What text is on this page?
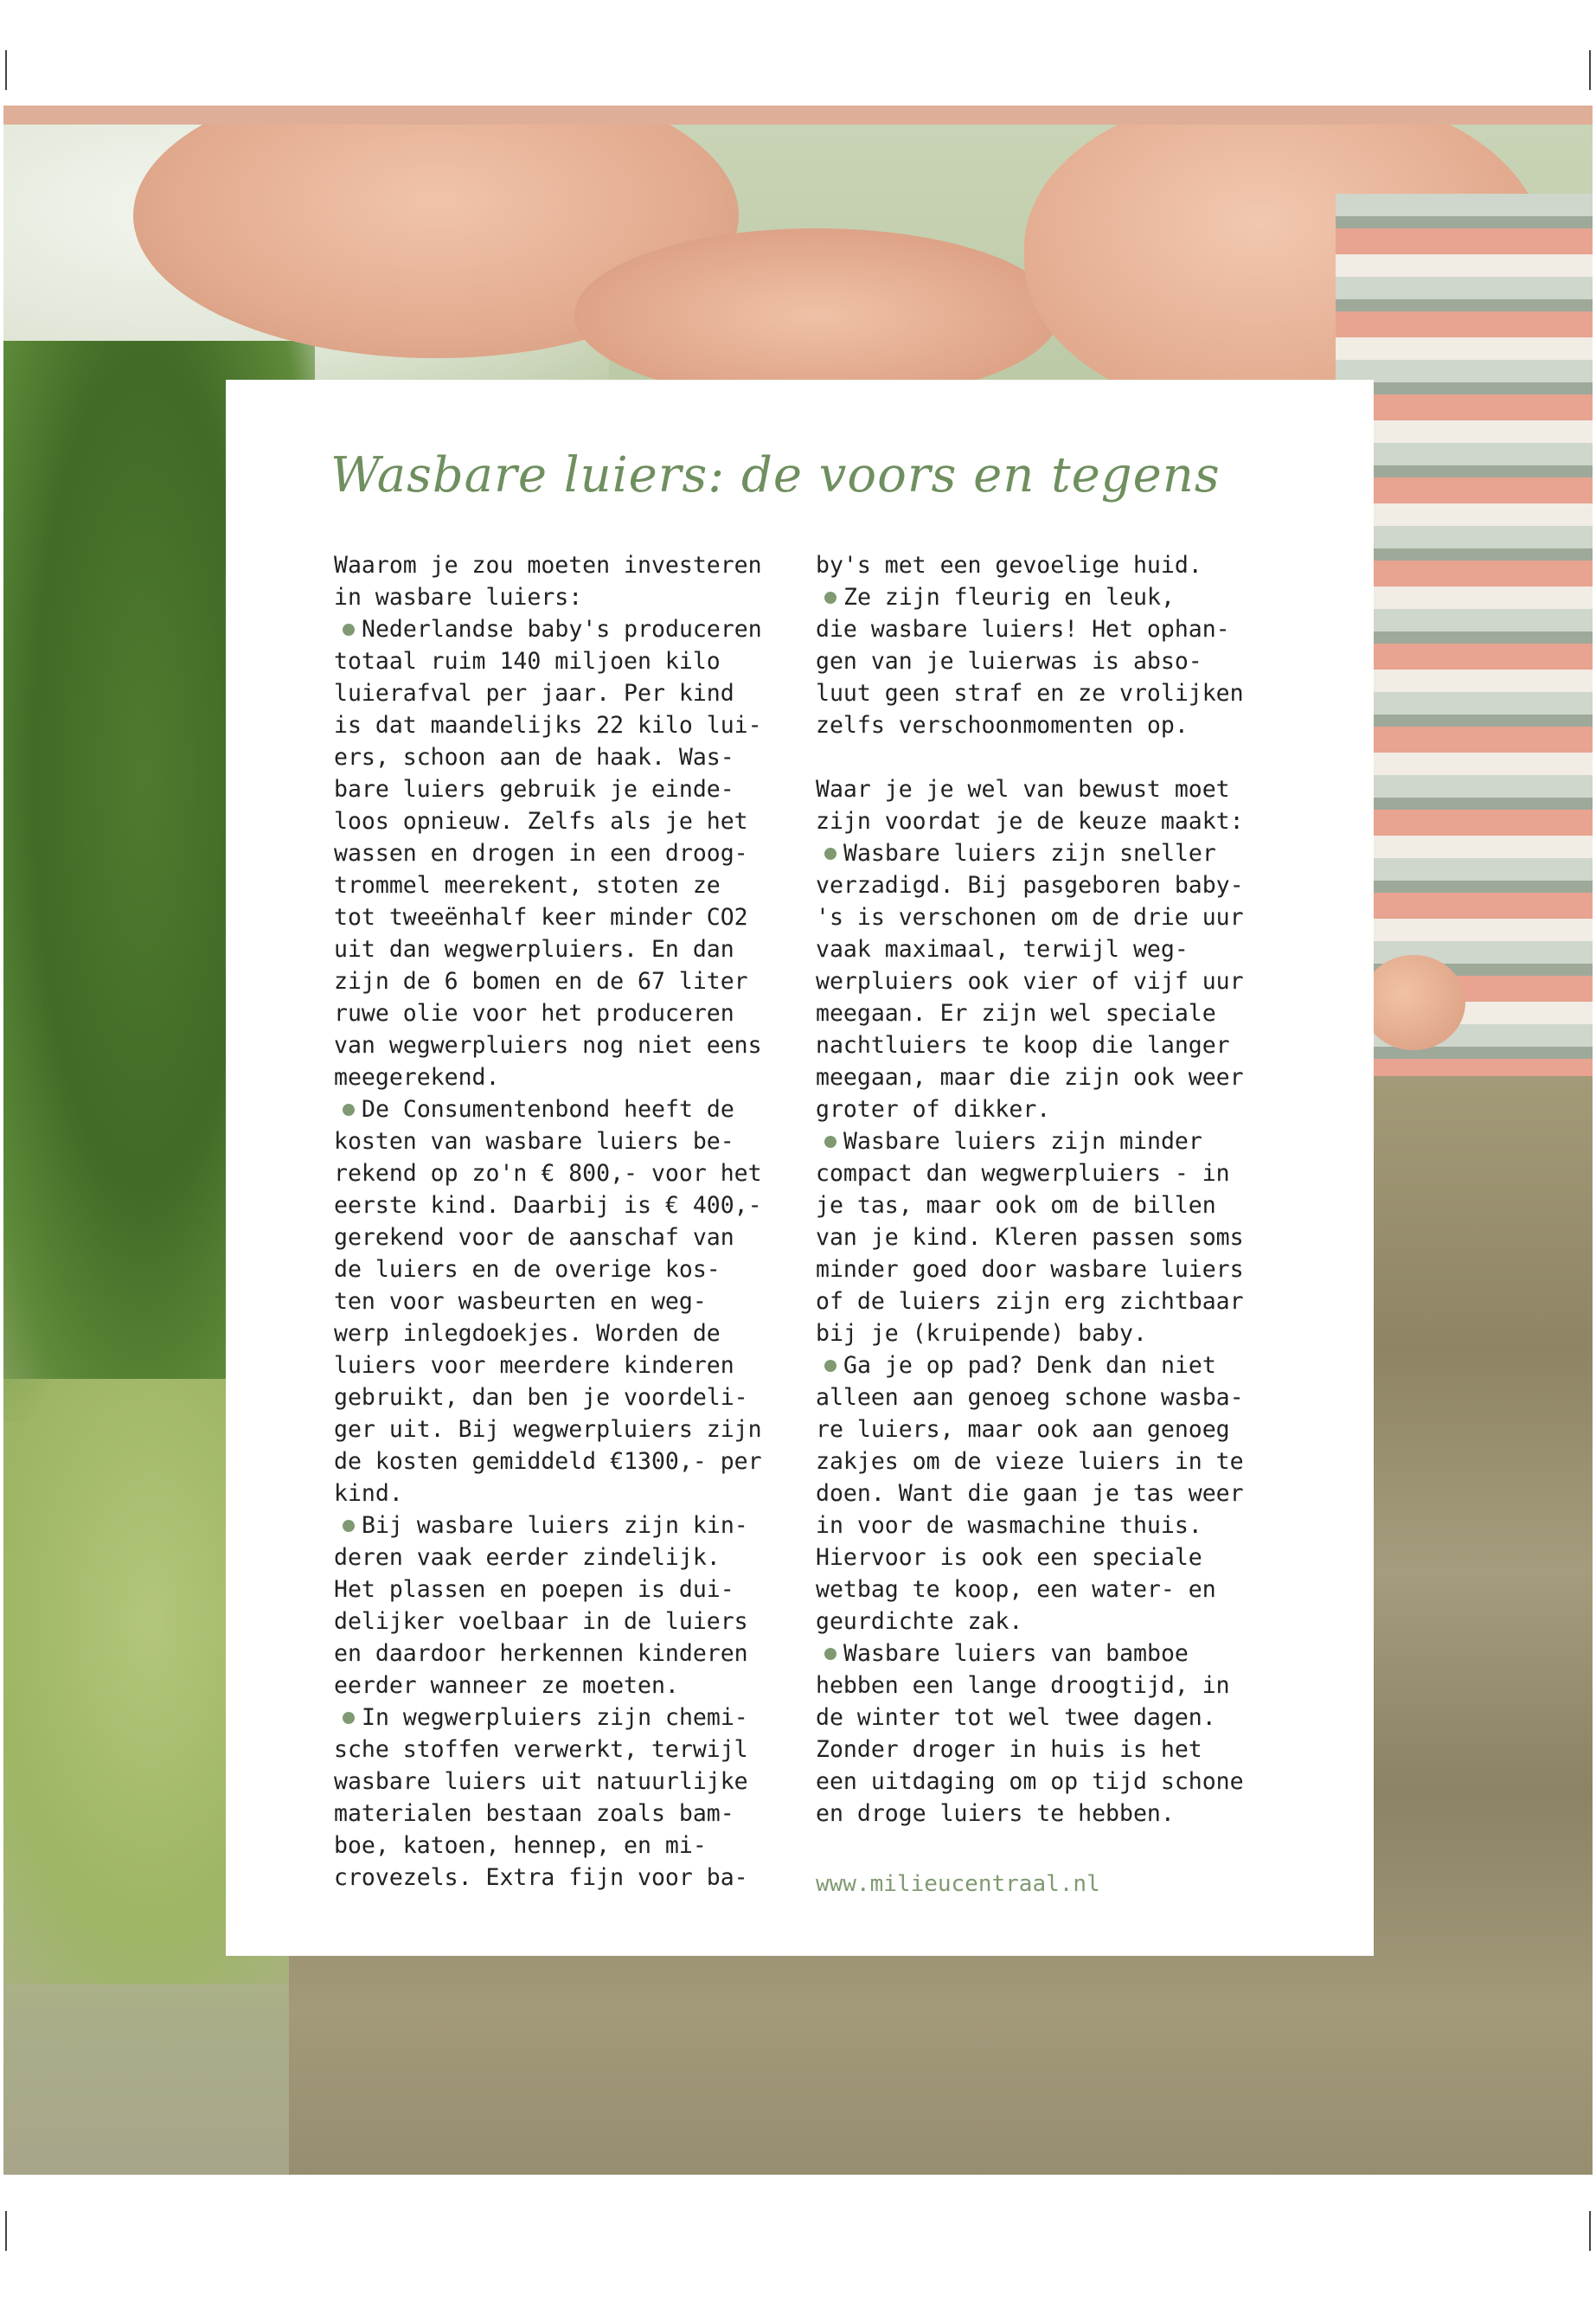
Wasbare luiers: de voors en tegens

Waarom je zou moeten investeren

in wasbare luiers:

Nederlandse baby's produceren

totaal ruim 140 miljoen kilo

luierafval per jaar. Per kind

is dat maandelijks 22 kilo lui-

ers, schoon aan de haak. Was-

bare luiers gebruik je einde-

loos opnieuw. Zelfs als je het

wassen en drogen in een droog-

trommel meerekent, stoten ze

tot tweeënhalf keer minder CO2

uit dan wegwerpluiers. En dan

zijn de 6 bomen en de 67 liter

ruwe olie voor het produceren

van wegwerpluiers nog niet eens

meegerekend.

De Consumentenbond heeft de

kosten van wasbare luiers be-

rekend op zo'n € 800,- voor het

eerste kind. Daarbij is € 400,-

gerekend voor de aanschaf van

de luiers en de overige kos-

ten voor wasbeurten en weg-

werp inlegdoekjes. Worden de

luiers voor meerdere kinderen

gebruikt, dan ben je voordeli-

ger uit. Bij wegwerpluiers zijn

de kosten gemiddeld €1300,- per

kind.

Bij wasbare luiers zijn kin-

deren vaak eerder zindelijk.

Het plassen en poepen is dui-

delijker voelbaar in de luiers

en daardoor herkennen kinderen

eerder wanneer ze moeten.

In wegwerpluiers zijn chemi-

sche stoffen verwerkt, terwijl

wasbare luiers uit natuurlijke

materialen bestaan zoals bam-

boe, katoen, hennep, en mi-

crovezels. Extra fijn voor ba-

by's met een gevoelige huid.

Ze zijn fleurig en leuk,

die wasbare luiers! Het ophan-

gen van je luierwas is abso-

luut geen straf en ze vrolijken

zelfs verschoonmomenten op.

Waar je je wel van bewust moet

zijn voordat je de keuze maakt:

Wasbare luiers zijn sneller

verzadigd. Bij pasgeboren baby-

's is verschonen om de drie uur

vaak maximaal, terwijl weg-

werpluiers ook vier of vijf uur

meegaan. Er zijn wel speciale

nachtluiers te koop die langer

meegaan, maar die zijn ook weer

groter of dikker.

Wasbare luiers zijn minder

compact dan wegwerpluiers - in

je tas, maar ook om de billen

van je kind. Kleren passen soms

minder goed door wasbare luiers

of de luiers zijn erg zichtbaar

bij je (kruipende) baby.

Ga je op pad? Denk dan niet

alleen aan genoeg schone wasba-

re luiers, maar ook aan genoeg

zakjes om de vieze luiers in te

doen. Want die gaan je tas weer

in voor de wasmachine thuis.

Hiervoor is ook een speciale

wetbag te koop, een water- en

geurdichte zak.

Wasbare luiers van bamboe

hebben een lange droogtijd, in

de winter tot wel twee dagen.

Zonder droger in huis is het

een uitdaging om op tijd schone

en droge luiers te hebben.

www.milieucentraal.nl
